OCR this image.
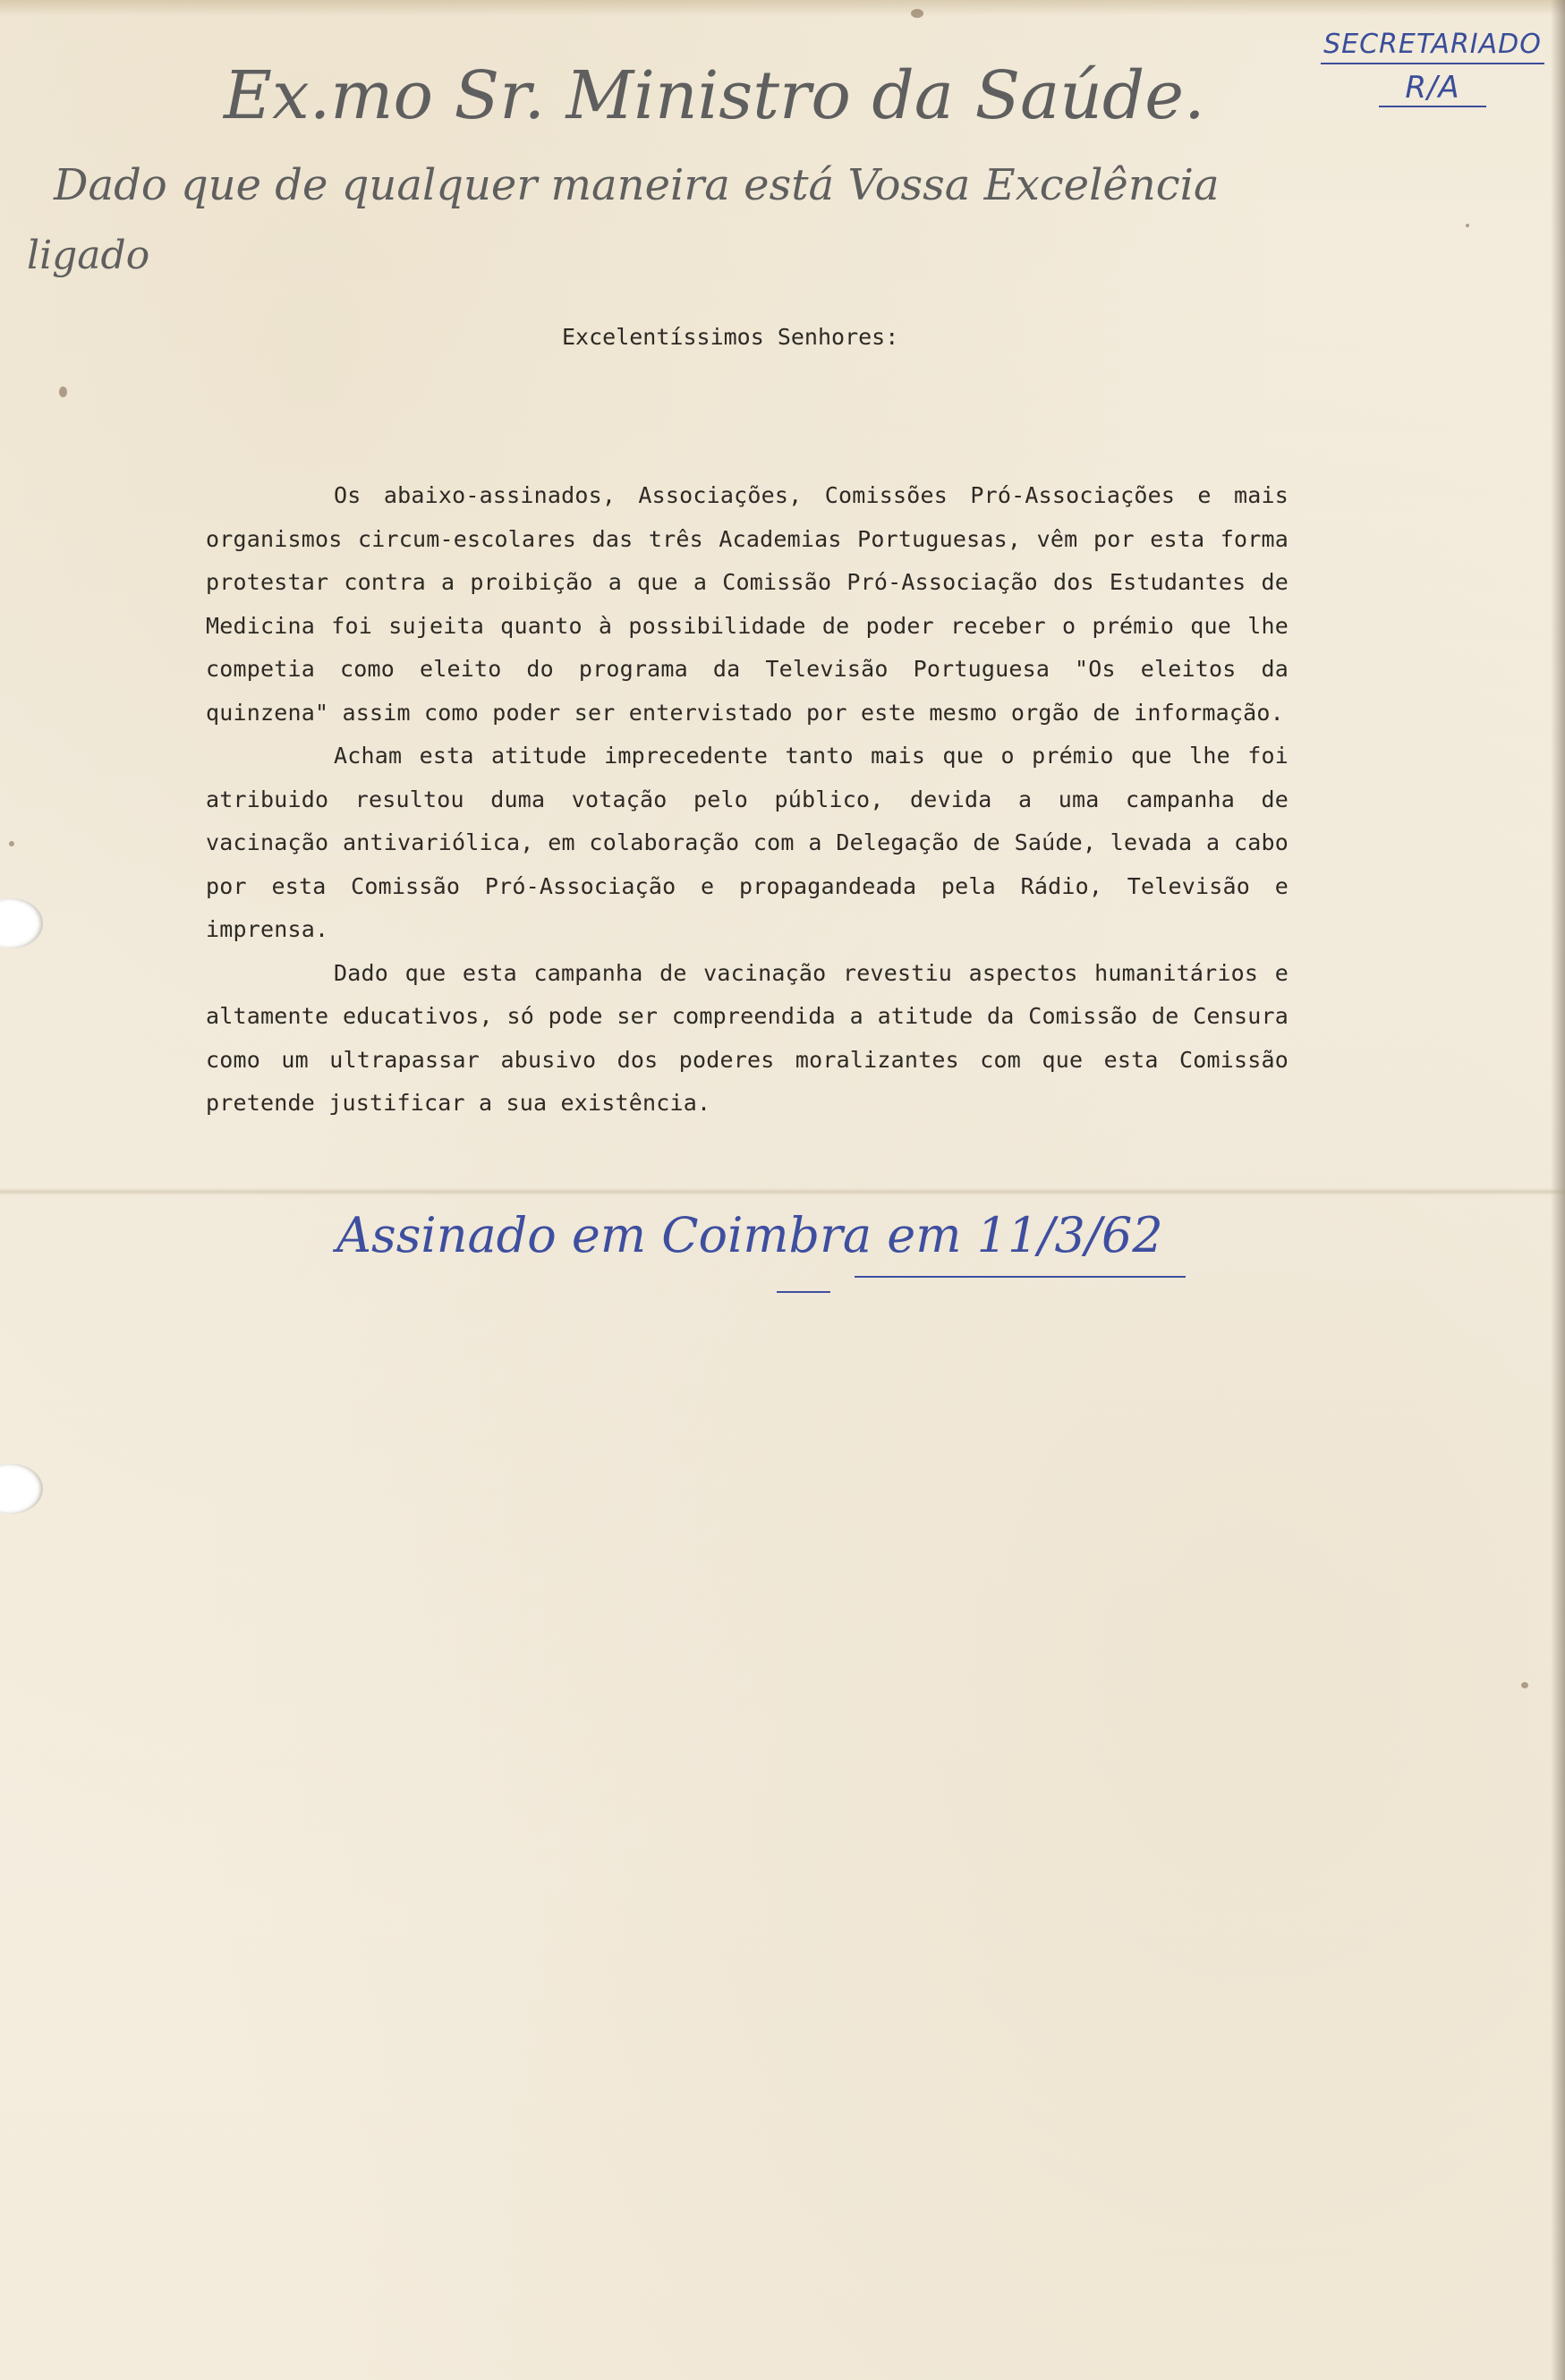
SECRETARIADO
R/A

Ex.mo Sr. Ministro da Saúde.

Dado que de qualquer maneira está Vossa Excelência

ligado

Excelentíssimos Senhores:

Os abaixo-assinados, Associações, Comissões Pró-Associações e mais organismos circum-escolares das três Academias Portuguesas, vêm por esta forma protestar contra a proibição a que a Comissão Pró-Associação dos Estudantes de Medicina foi sujeita quanto à possibilidade de poder receber o prémio que lhe competia como eleito do programa da Televisão Portuguesa "Os eleitos da quinzena" assim como poder ser entervistado por este mesmo orgão de informação.

Acham esta atitude imprecedente tanto mais que o prémio que lhe foi atribuido resultou duma votação pelo público, devida a uma campanha de vacinação antivariólica, em colaboração com a Delegação de Saúde, levada a cabo por esta Comissão Pró-Associação e propagandeada pela Rádio, Televisão e imprensa.

Dado que esta campanha de vacinação revestiu aspectos humanitários e altamente educativos, só pode ser compreendida a atitude da Comissão de Censura como um ultrapassar abusivo dos poderes moralizantes com que esta Comissão pretende justificar a sua existência.

Assinado em Coimbra em 11/3/62
